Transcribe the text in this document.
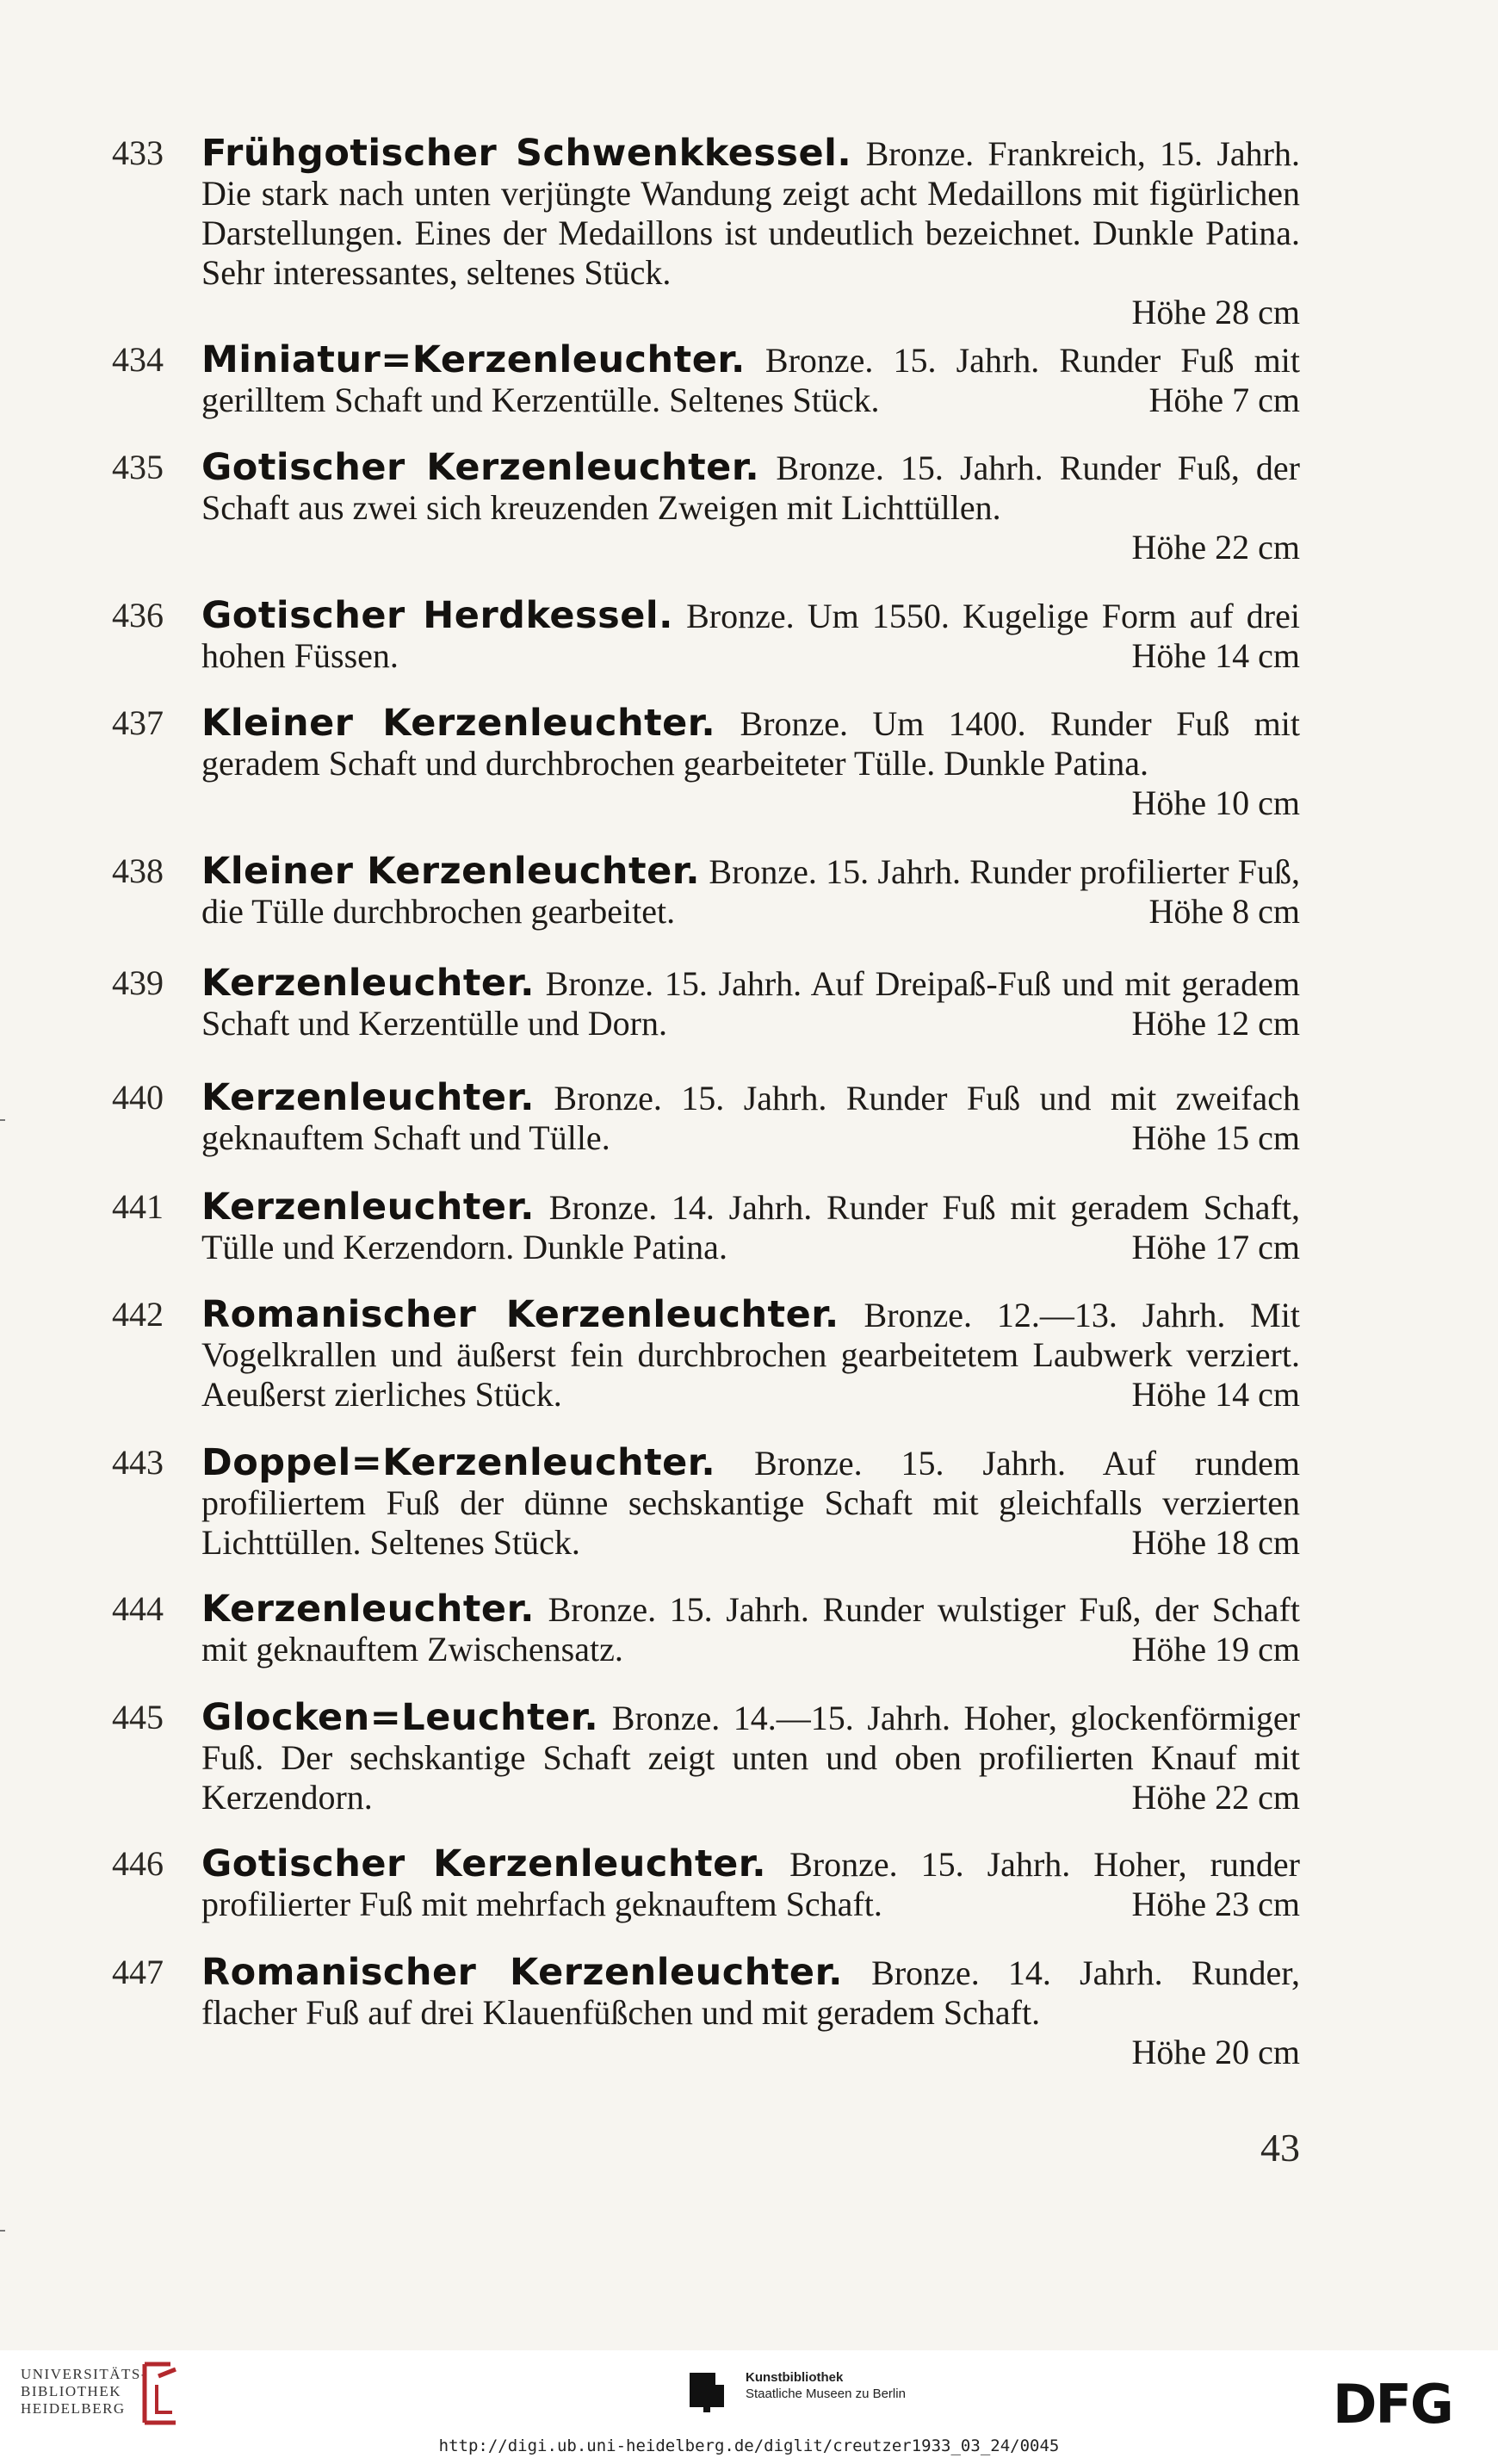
433 Frühgotischer Schwenkkessel. Bronze. Frankreich, 15. Jahrh. Die stark nach unten verjüngte Wandung zeigt acht Medaillons mit figürlichen Darstellungen. Eines der Medaillons ist undeutlich bezeichnet. Dunkle Patina. Sehr interessantes, seltenes Stück.
Höhe 28 cm
434 Miniatur=Kerzenleuchter. Bronze. 15. Jahrh. Runder Fuß mit gerilltem Schaft und Kerzentülle. Seltenes Stück.	Höhe 7 cm
435 Gotischer Kerzenleuchter. Bronze. 15. Jahrh. Runder Fuß, der Schaft aus zwei sich kreuzenden Zweigen mit Lichttüllen.
Höhe 22 cm
436 Gotischer Herdkessel. Bronze. Um 1550. Kugelige Form auf drei hohen Füssen.	Höhe 14 cm
437 Kleiner Kerzenleuchter. Bronze. Um 1400. Runder Fuß mit geradem Schaft und durchbrochen gearbeiteter Tülle. Dunkle Patina.
Höhe 10 cm
438 Kleiner Kerzenleuchter. Bronze. 15. Jahrh. Runder profilierter Fuß, die Tülle durchbrochen gearbeitet.	Höhe 8 cm
439 Kerzenleuchter. Bronze. 15. Jahrh. Auf Dreipaß-Fuß und mit geradem Schaft und Kerzentülle und Dorn.	Höhe 12 cm
440 Kerzenleuchter. Bronze. 15. Jahrh. Runder Fuß und mit zweifach geknauftem Schaft und Tülle.	Höhe 15 cm
441 Kerzenleuchter. Bronze. 14. Jahrh. Runder Fuß mit geradem Schaft, Tülle und Kerzendorn. Dunkle Patina.	Höhe 17 cm
442 Romanischer Kerzenleuchter. Bronze. 12.—13. Jahrh. Mit Vogelkrallen und äußerst fein durchbrochen gearbeitetem Laubwerk verziert. Aeußerst zierliches Stück.	Höhe 14 cm
443 Doppel=Kerzenleuchter. Bronze. 15. Jahrh. Auf rundem profiliertem Fuß der dünne sechskantige Schaft mit gleichfalls verzierten Lichttüllen. Seltenes Stück.	Höhe 18 cm
444 Kerzenleuchter. Bronze. 15. Jahrh. Runder wulstiger Fuß, der Schaft mit geknauftem Zwischensatz.	Höhe 19 cm
445 Glocken=Leuchter. Bronze. 14.—15. Jahrh. Hoher, glockenförmiger Fuß. Der sechskantige Schaft zeigt unten und oben profilierten Knauf mit Kerzendorn.	Höhe 22 cm
446 Gotischer Kerzenleuchter. Bronze. 15. Jahrh. Hoher, runder profilierter Fuß mit mehrfach geknauftem Schaft.	Höhe 23 cm
447 Romanischer Kerzenleuchter. Bronze. 14. Jahrh. Runder, flacher Fuß auf drei Klauenfüßchen und mit geradem Schaft.
Höhe 20 cm
43
UNIVERSITÄTS-
BIBLIOTHEK
HEIDELBERG
Kunstbibliothek
Staatliche Museen zu Berlin	DFG
http://digi.ub.uni-heidelberg.de/diglit/creutzer1933_03_24/0045
